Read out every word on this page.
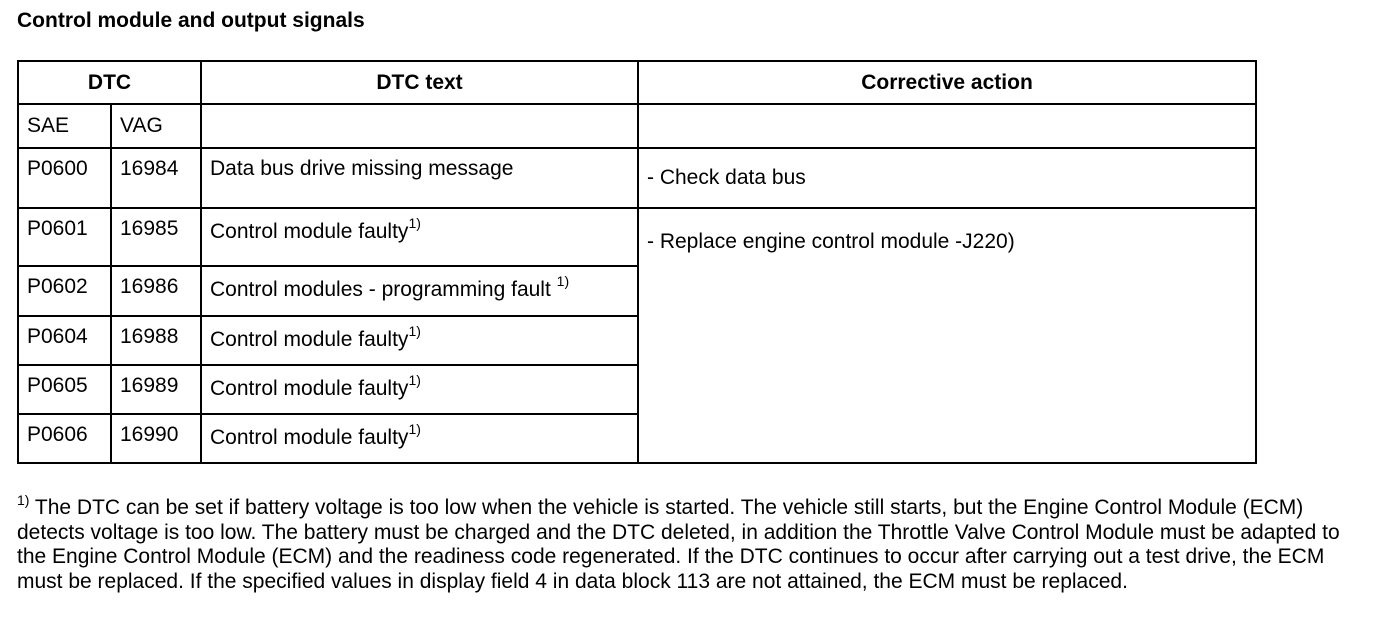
Control module and output signals
DTC		DTC text	Corrective action
SAE	VAG		
P0600	16984	Data bus drive missing message	- Check data bus
P0601	16985	Control module faulty$^{1)}$	- Replace engine control module -J220)
P0602	16986	Control modules - programming fault $^{1)}$
P0604	16988	Control module faulty$^{1)}$
P0605	16989	Control module faulty$^{1)}$
P0606	16990	Control module faulty$^{1)}$
$^{1)}$ The DTC can be set if battery voltage is too low when the vehicle is started. The vehicle still starts, but the Engine Control Module (ECM) detects voltage is too low. The battery must be charged and the DTC deleted, in addition the Throttle Valve Control Module must be adapted to the Engine Control Module (ECM) and the readiness code regenerated. If the DTC continues to occur after carrying out a test drive, the ECM must be replaced. If the specified values in display field 4 in data block 113 are not attained, the ECM must be replaced.
